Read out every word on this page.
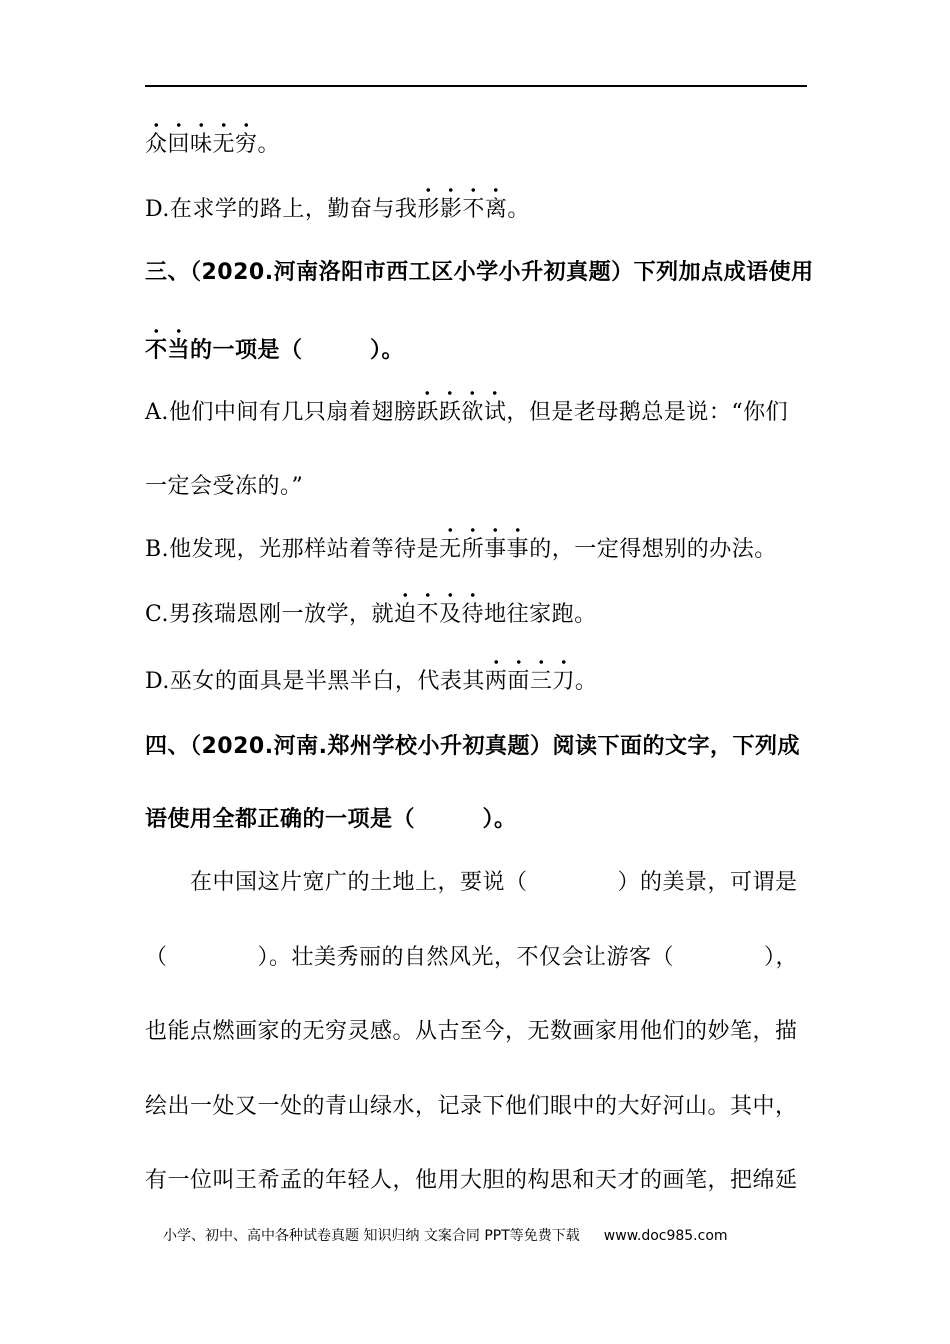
众回味无穷。
D.在求学的路上，勤奋与我形影不离。
三、（2020.河南洛阳市西工区小学小升初真题）下列加点成语使用
不当的一项是（　　　）。
A.他们中间有几只扇着翅膀跃跃欲试，但是老母鹅总是说：“你们
一定会受冻的。”
B.他发现，光那样站着等待是无所事事的，一定得想别的办法。
C.男孩瑞恩刚一放学，就迫不及待地往家跑。
D.巫女的面具是半黑半白，代表其两面三刀。
四、（2020.河南.郑州学校小升初真题）阅读下面的文字，下列成
语使用全都正确的一项是（　　　）。
在中国这片宽广的土地上，要说（　　　　）的美景，可谓是
（　　　　）。壮美秀丽的自然风光，不仅会让游客（　　　　），
也能点燃画家的无穷灵感。从古至今，无数画家用他们的妙笔，描
绘出一处又一处的青山绿水，记录下他们眼中的大好河山。其中，
有一位叫王希孟的年轻人，他用大胆的构思和天才的画笔，把绵延
小学、初中、高中各种试卷真题 知识归纳 文案合同 PPT等免费下载 www.doc985.com
